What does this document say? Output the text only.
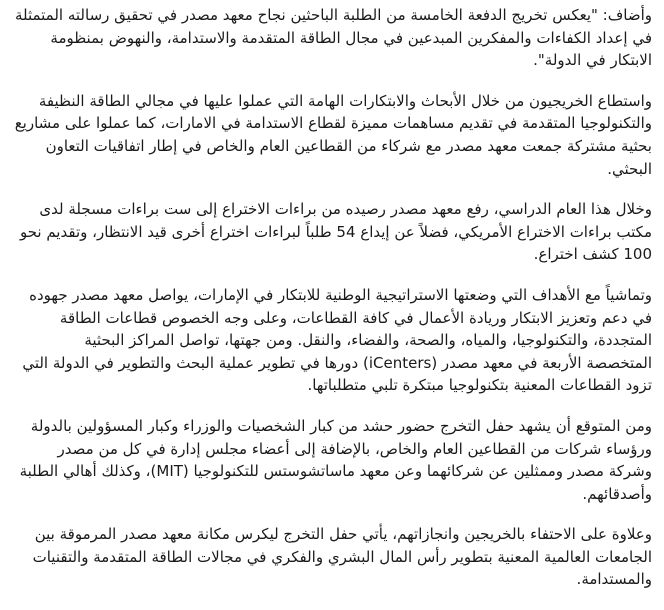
وأضاف: "يعكس تخريج الدفعة الخامسة من الطلبة الباحثين نجاح معهد مصدر في تحقيق رسالته المتمثلة في إعداد الكفاءات والمفكرين المبدعين في مجال الطاقة المتقدمة والاستدامة، والنهوض بمنظومة الابتكار في الدولة".

واستطاع الخريجيون من خلال الأبحاث والابتكارات الهامة التي عملوا عليها في مجالي الطاقة النظيفة والتكنولوجيا المتقدمة في تقديم مساهمات مميزة لقطاع الاستدامة في الامارات، كما عملوا على مشاريع بحثية مشتركة جمعت معهد مصدر مع شركاء من القطاعين العام والخاص في إطار اتفاقيات التعاون البحثي.

وخلال هذا العام الدراسي، رفع معهد مصدر رصيده من براءات الاختراع إلى ست براءات مسجلة لدى مكتب براءات الاختراع الأمريكي، فضلاً عن إيداع 54 طلباً لبراءات اختراع أخرى قيد الانتظار، وتقديم نحو 100 كشف اختراع.

وتماشياً مع الأهداف التي وضعتها الاستراتيجية الوطنية للابتكار في الإمارات، يواصل معهد مصدر جهوده في دعم وتعزيز الابتكار وريادة الأعمال في كافة القطاعات، وعلى وجه الخصوص قطاعات الطاقة المتجددة، والتكنولوجيا، والمياه، والصحة، والفضاء، والنقل. ومن جهتها، تواصل المراكز البحثية المتخصصة الأربعة في معهد مصدر (iCenters) دورها في تطوير عملية البحث والتطوير في الدولة التي تزود القطاعات المعنية بتكنولوجيا مبتكرة تلبي متطلباتها.

ومن المتوقع أن يشهد حفل التخرج حضور حشد من كبار الشخصيات والوزراء وكبار المسؤولين بالدولة ورؤساء شركات من القطاعين العام والخاص، بالإضافة إلى أعضاء مجلس إدارة في كل من مصدر وشركة مصدر وممثلين عن شركائهما وعن معهد ماساتشوستس للتكنولوجيا (MIT)، وكذلك أهالي الطلبة وأصدقائهم.

وعلاوة على الاحتفاء بالخريجين وانجازاتهم، يأتي حفل التخرج ليكرس مكانة معهد مصدر المرموقة بين الجامعات العالمية المعنية بتطوير رأس المال البشري والفكري في مجالات الطاقة المتقدمة والتقنيات والمستدامة.
